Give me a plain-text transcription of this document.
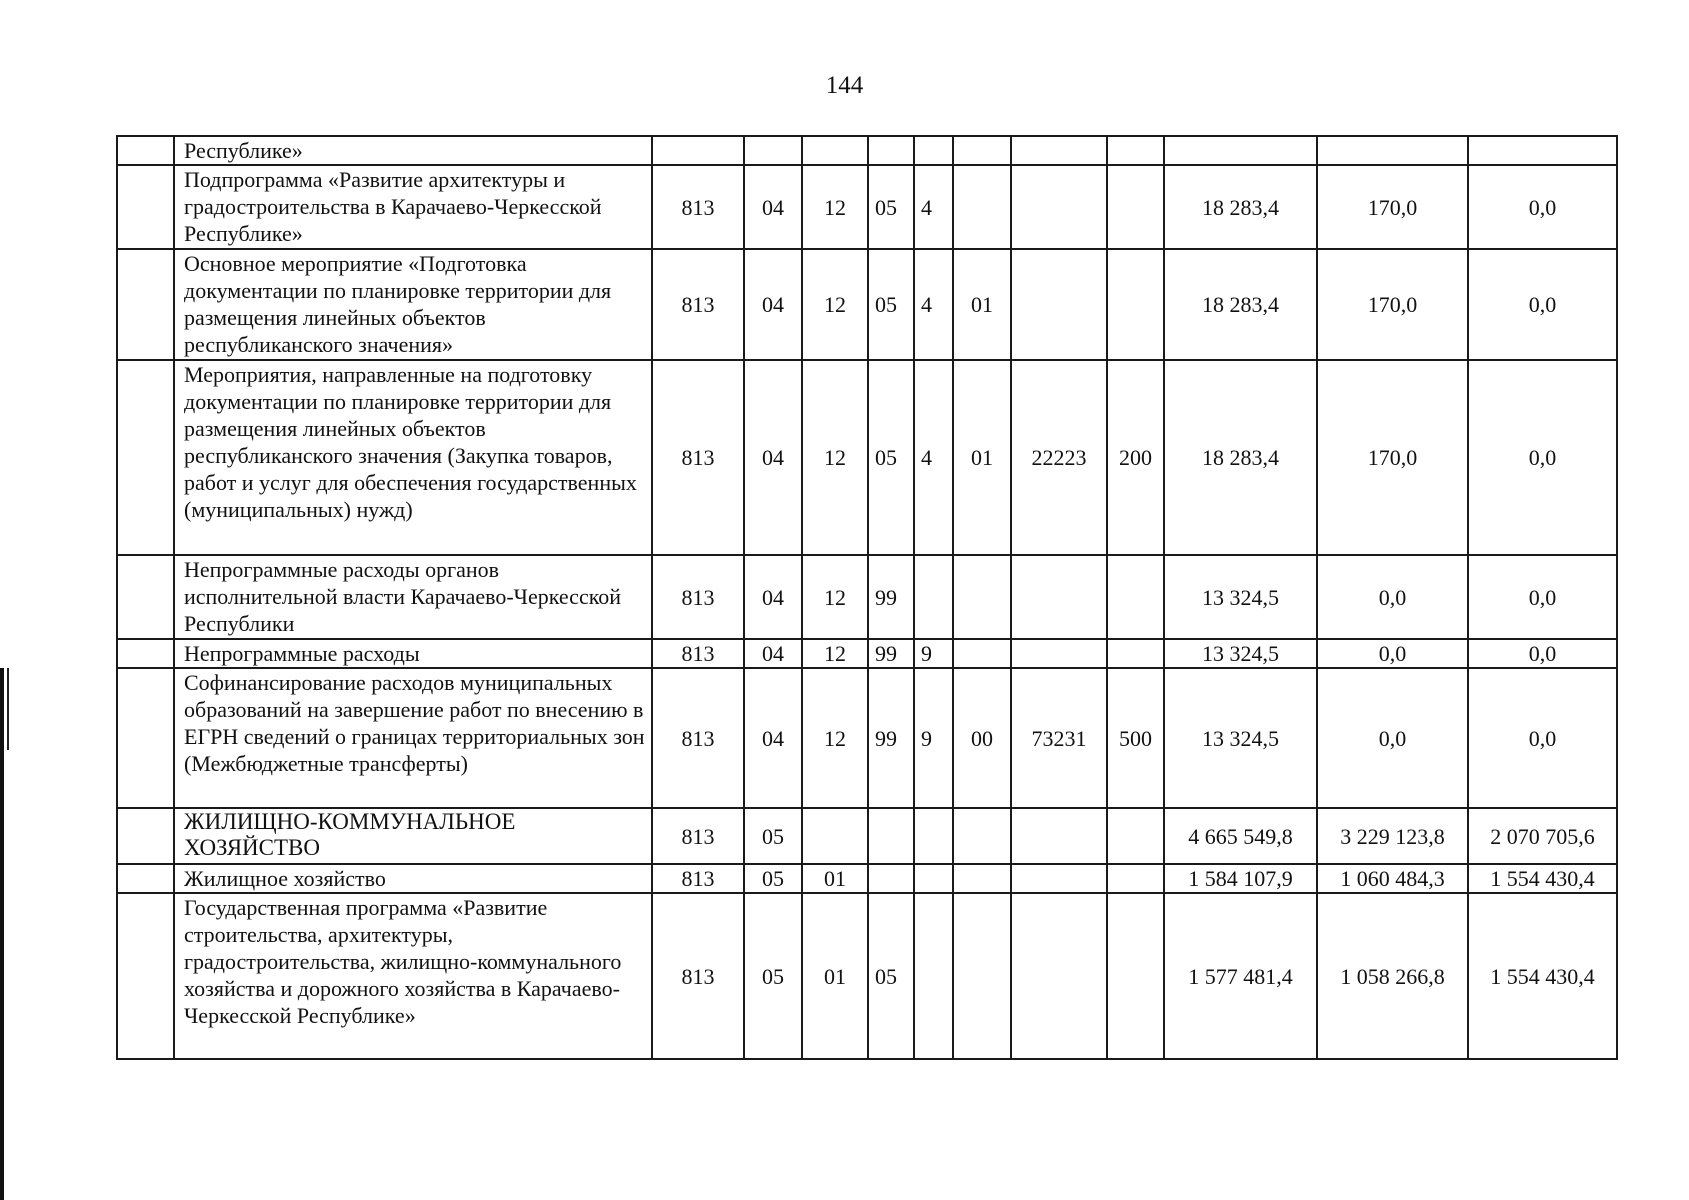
144
	Республике»											
	Подпрограмма «Развитие архитектуры и градостроительства в Карачаево-Черкесской Республике»	813	04	12	05	4				18 283,4	170,0	0,0
	Основное мероприятие «Подготовка документации по планировке территории для размещения линейных объектов республиканского значения»	813	04	12	05	4	01			18 283,4	170,0	0,0
	Мероприятия, направленные на подготовку документации по планировке территории для размещения линейных объектов республиканского значения (Закупка товаров, работ и услуг для обеспечения государственных (муниципальных) нужд)	813	04	12	05	4	01	22223	200	18 283,4	170,0	0,0
	Непрограммные расходы органов исполнительной власти Карачаево-Черкесской Республики	813	04	12	99					13 324,5	0,0	0,0
	Непрограммные расходы	813	04	12	99	9				13 324,5	0,0	0,0
	Софинансирование расходов муниципальных образований на завершение работ по внесению в ЕГРН сведений о границах территориальных зон (Межбюджетные трансферты)	813	04	12	99	9	00	73231	500	13 324,5	0,0	0,0
	ЖИЛИЩНО-КОММУНАЛЬНОЕ ХОЗЯЙСТВО	813	05							4 665 549,8	3 229 123,8	2 070 705,6
	Жилищное хозяйство	813	05	01						1 584 107,9	1 060 484,3	1 554 430,4
	Государственная программа «Развитие строительства, архитектуры, градостроительства, жилищно-коммунального хозяйства и дорожного хозяйства в Карачаево-Черкесской Республике»	813	05	01	05					1 577 481,4	1 058 266,8	1 554 430,4
